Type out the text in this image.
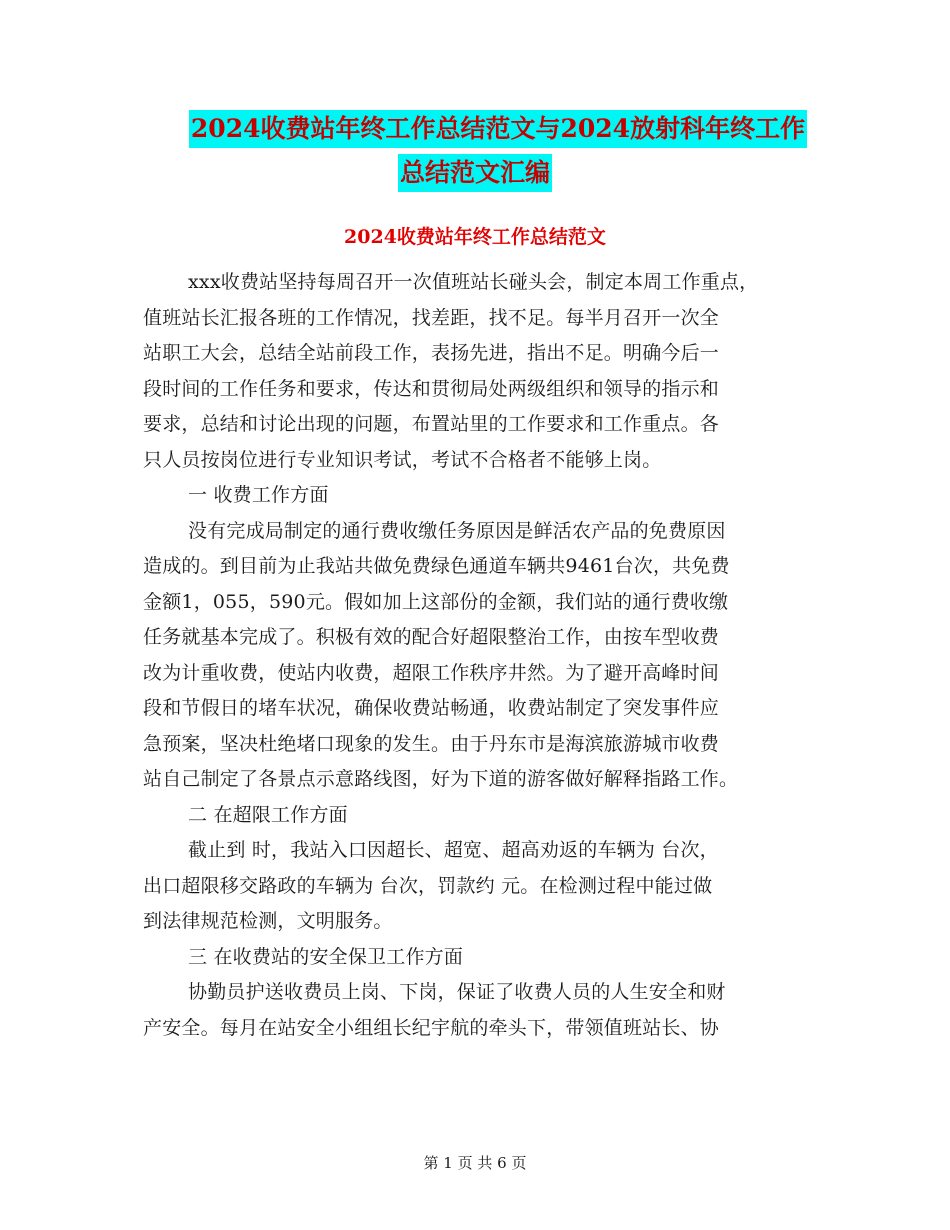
2024收费站年终工作总结范文与2024放射科年终工作
总结范文汇编
2024收费站年终工作总结范文
xxx收费站坚持每周召开一次值班站长碰头会，制定本周工作重点，
值班站长汇报各班的工作情况，找差距，找不足。每半月召开一次全
站职工大会，总结全站前段工作，表扬先进，指出不足。明确今后一
段时间的工作任务和要求，传达和贯彻局处两级组织和领导的指示和
要求，总结和讨论出现的问题，布置站里的工作要求和工作重点。各
只人员按岗位进行专业知识考试，考试不合格者不能够上岗。
一 收费工作方面
没有完成局制定的通行费收缴任务原因是鲜活农产品的免费原因
造成的。到目前为止我站共做免费绿色通道车辆共9461台次，共免费
金额1，055，590元。假如加上这部份的金额，我们站的通行费收缴
任务就基本完成了。积极有效的配合好超限整治工作，由按车型收费
改为计重收费，使站内收费，超限工作秩序井然。为了避开高峰时间
段和节假日的堵车状况，确保收费站畅通，收费站制定了突发事件应
急预案，坚决杜绝堵口现象的发生。由于丹东市是海滨旅游城市收费
站自己制定了各景点示意路线图，好为下道的游客做好解释指路工作。
二 在超限工作方面
截止到 时，我站入口因超长、超宽、超高劝返的车辆为 台次，
出口超限移交路政的车辆为 台次，罚款约 元。在检测过程中能过做
到法律规范检测，文明服务。
三 在收费站的安全保卫工作方面
协勤员护送收费员上岗、下岗，保证了收费人员的人生安全和财
产安全。每月在站安全小组组长纪宇航的牵头下，带领值班站长、协
第 1 页 共 6 页
